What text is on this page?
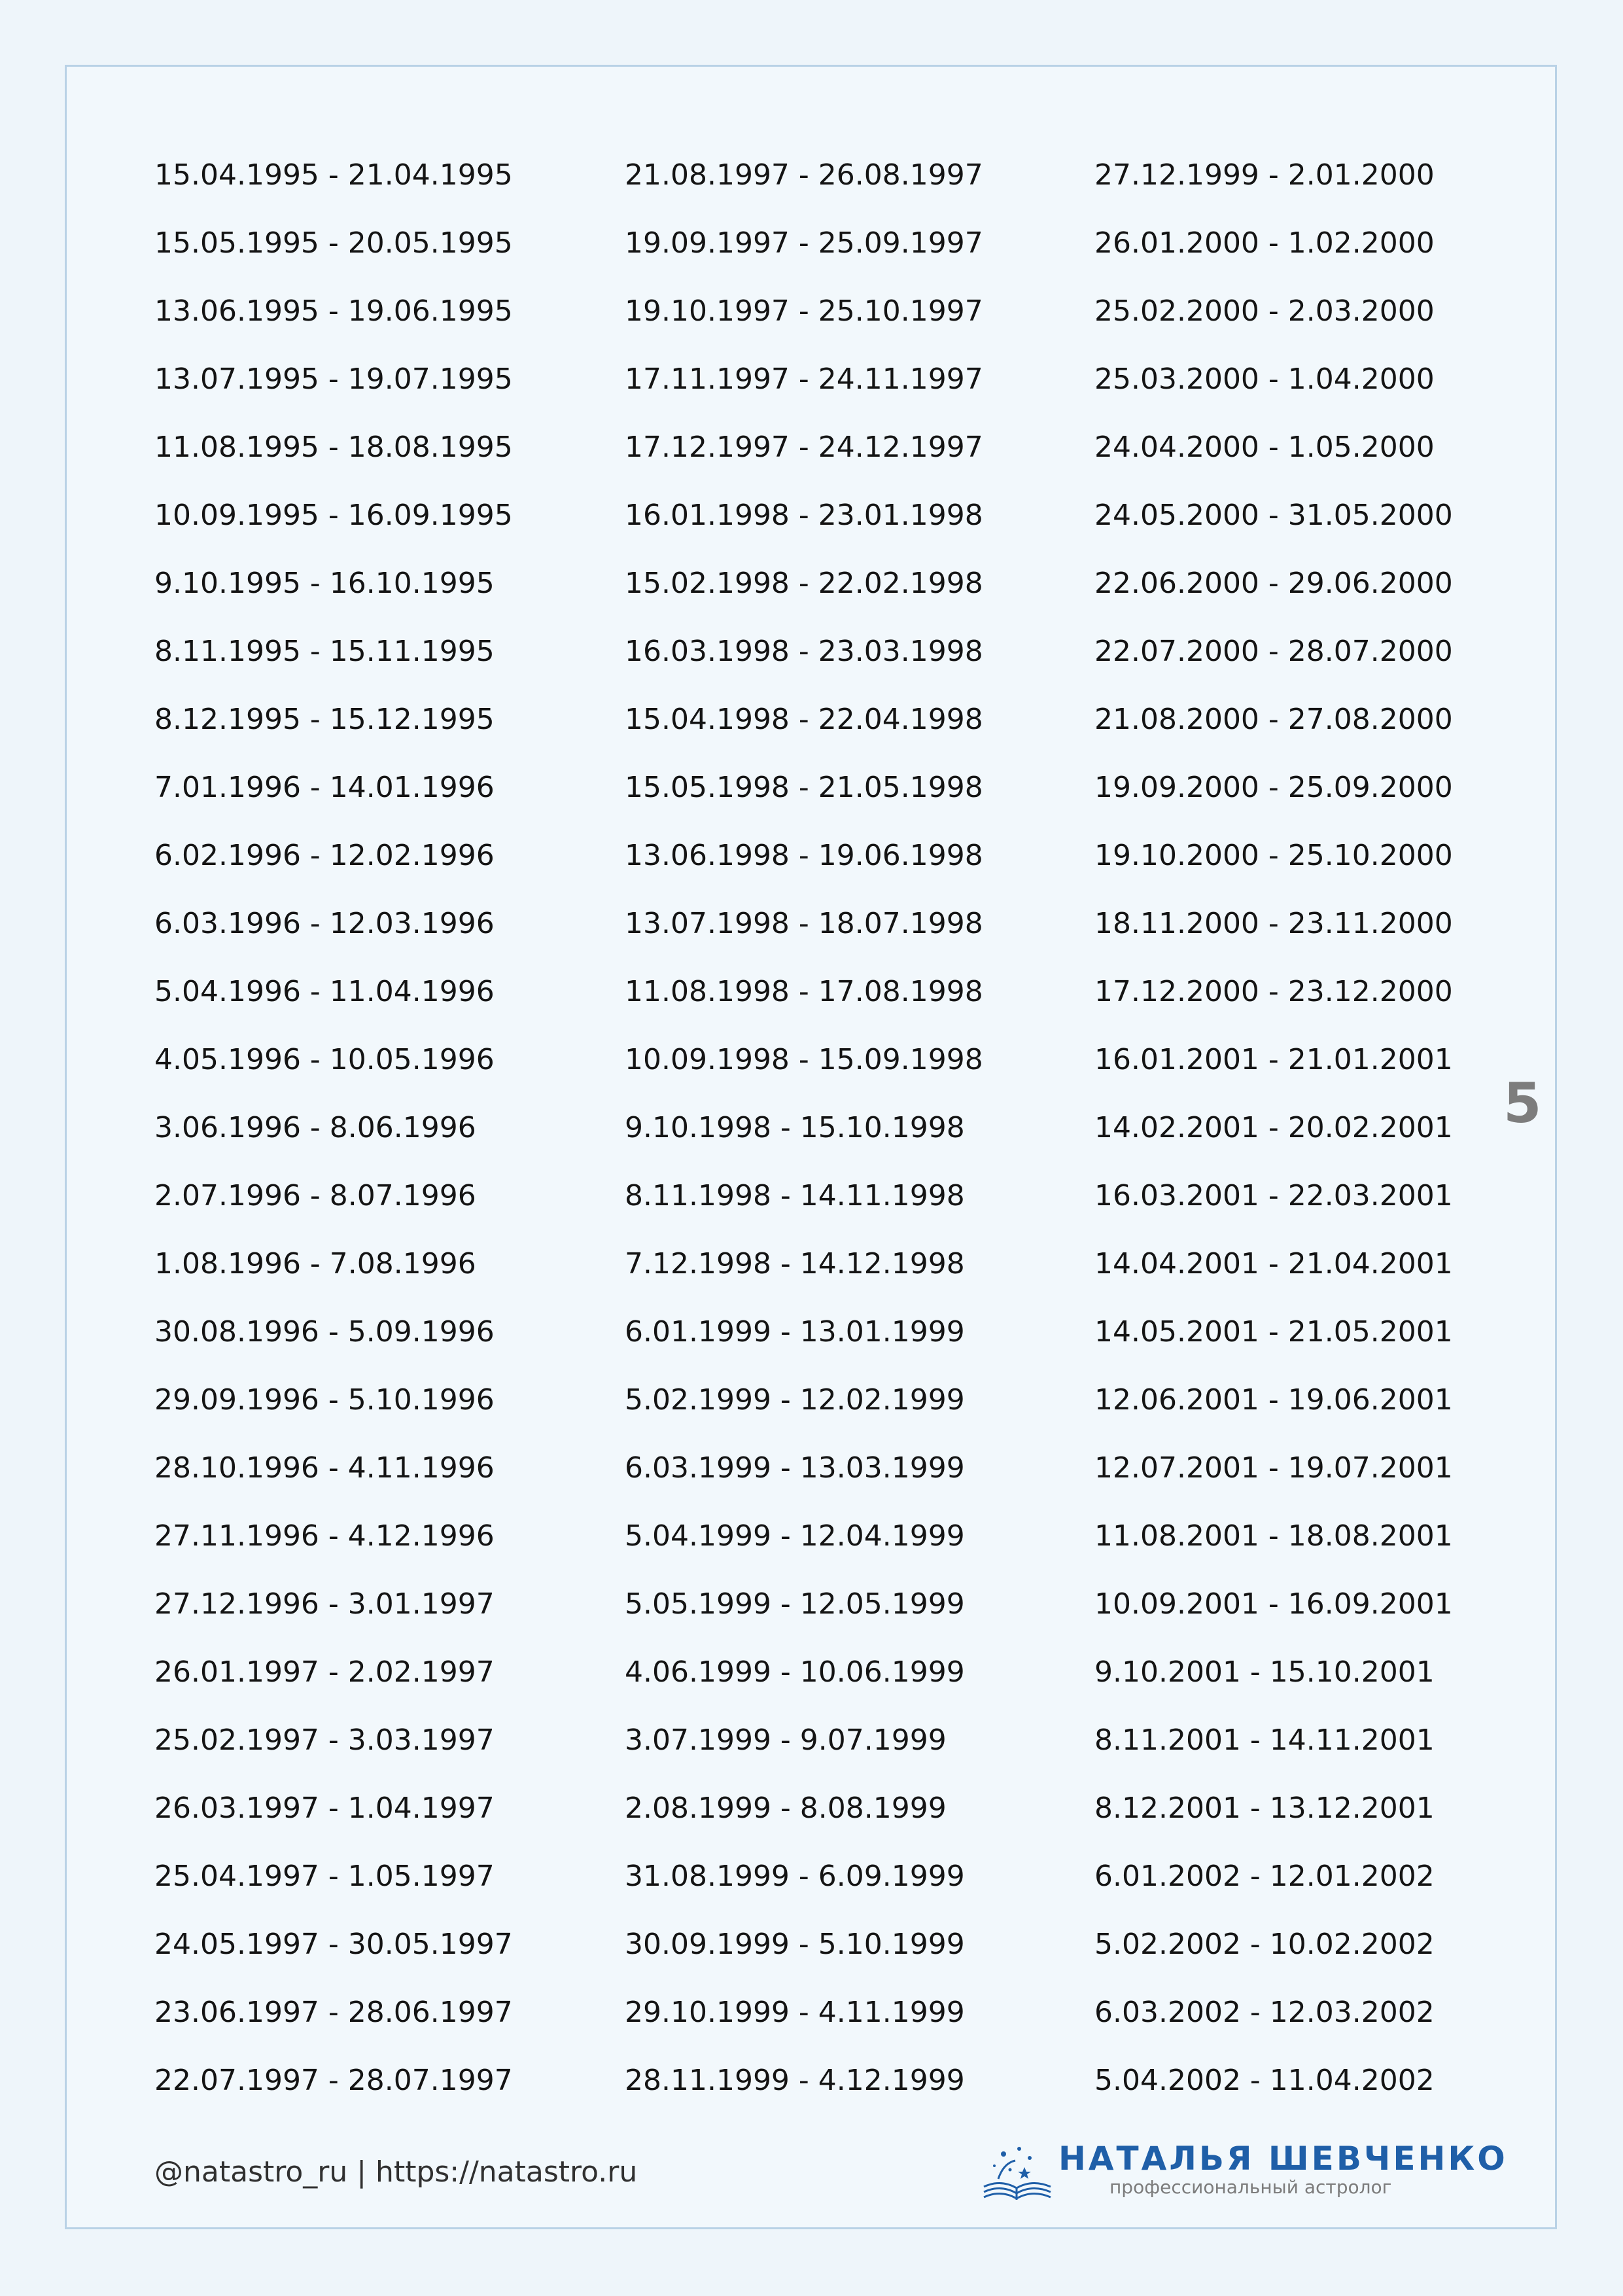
15.04.1995 - 21.04.1995

15.05.1995 - 20.05.1995

13.06.1995 - 19.06.1995

13.07.1995 - 19.07.1995

11.08.1995 - 18.08.1995

10.09.1995 - 16.09.1995

9.10.1995 - 16.10.1995

8.11.1995 - 15.11.1995

8.12.1995 - 15.12.1995

7.01.1996 - 14.01.1996

6.02.1996 - 12.02.1996

6.03.1996 - 12.03.1996

5.04.1996 - 11.04.1996

4.05.1996 - 10.05.1996

3.06.1996 - 8.06.1996

2.07.1996 - 8.07.1996

1.08.1996 - 7.08.1996

30.08.1996 - 5.09.1996

29.09.1996 - 5.10.1996

28.10.1996 - 4.11.1996

27.11.1996 - 4.12.1996

27.12.1996 - 3.01.1997

26.01.1997 - 2.02.1997

25.02.1997 - 3.03.1997

26.03.1997 - 1.04.1997

25.04.1997 - 1.05.1997

24.05.1997 - 30.05.1997

23.06.1997 - 28.06.1997

22.07.1997 - 28.07.1997

21.08.1997 - 26.08.1997

19.09.1997 - 25.09.1997

19.10.1997 - 25.10.1997

17.11.1997 - 24.11.1997

17.12.1997 - 24.12.1997

16.01.1998 - 23.01.1998

15.02.1998 - 22.02.1998

16.03.1998 - 23.03.1998

15.04.1998 - 22.04.1998

15.05.1998 - 21.05.1998

13.06.1998 - 19.06.1998

13.07.1998 - 18.07.1998

11.08.1998 - 17.08.1998

10.09.1998 - 15.09.1998

9.10.1998 - 15.10.1998

8.11.1998 - 14.11.1998

7.12.1998 - 14.12.1998

6.01.1999 - 13.01.1999

5.02.1999 - 12.02.1999

6.03.1999 - 13.03.1999

5.04.1999 - 12.04.1999

5.05.1999 - 12.05.1999

4.06.1999 - 10.06.1999

3.07.1999 - 9.07.1999

2.08.1999 - 8.08.1999

31.08.1999 - 6.09.1999

30.09.1999 - 5.10.1999

29.10.1999 - 4.11.1999

28.11.1999 - 4.12.1999

27.12.1999 - 2.01.2000

26.01.2000 - 1.02.2000

25.02.2000 - 2.03.2000

25.03.2000 - 1.04.2000

24.04.2000 - 1.05.2000

24.05.2000 - 31.05.2000

22.06.2000 - 29.06.2000

22.07.2000 - 28.07.2000

21.08.2000 - 27.08.2000

19.09.2000 - 25.09.2000

19.10.2000 - 25.10.2000

18.11.2000 - 23.11.2000

17.12.2000 - 23.12.2000

16.01.2001 - 21.01.2001

14.02.2001 - 20.02.2001

16.03.2001 - 22.03.2001

14.04.2001 - 21.04.2001

14.05.2001 - 21.05.2001

12.06.2001 - 19.06.2001

12.07.2001 - 19.07.2001

11.08.2001 - 18.08.2001

10.09.2001 - 16.09.2001

9.10.2001 - 15.10.2001

8.11.2001 - 14.11.2001

8.12.2001 - 13.12.2001

6.01.2002 - 12.01.2002

5.02.2002 - 10.02.2002

6.03.2002 - 12.03.2002

5.04.2002 - 11.04.2002

5
@natastro_ru | https://natastro.ru	НАТАЛЬЯ ШЕВЧЕНКО
профессиональный астролог
